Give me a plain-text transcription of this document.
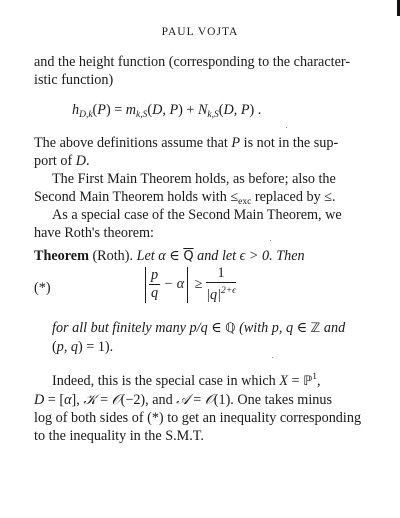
PAUL VOJTA
and the height function (corresponding to the character-
istic function)
$h_{D,k}(P) = m_{k,S}(D$, $P) + N_{k,S}(D$, P) .
The above definitions assume that P is not in the sup-
port of D.
The First Main Theorem holds, as before; also the
Second Main Theorem holds with $\le_{exc}$ replaced by ≤.
As a special case of the Second Main Theorem, we
have Roth's theorem:
Theorem (Roth). Let α ∈ $\overline{Q}$ and let ϵ > 0. Then
(*)	$\frac{p}{q} - \alpha \ge \frac{1}{|q|^{2+\epsilon}}$
for all but finitely many p/q ∈ ℚ (with p, q ∈ ℤ and
(p, q) = 1).
Indeed, this is the special case in which X = ℙ$^1$,
D = [α], 𝒦 = 𝒪(−2), and 𝒜 = 𝒪(1). One takes minus
log of both sides of (*) to get an inequality corresponding
to the inequality in the S.M.T.
